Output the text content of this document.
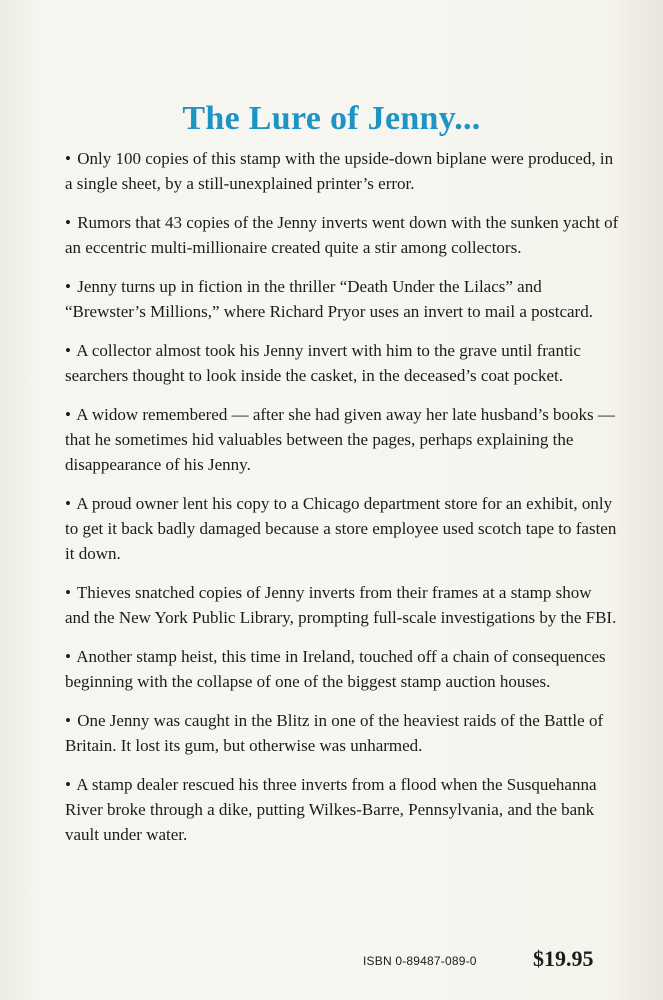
The Lure of Jenny...
• Only 100 copies of this stamp with the upside-down biplane were produced, in a single sheet, by a still-unexplained printer’s error.
• Rumors that 43 copies of the Jenny inverts went down with the sunken yacht of an eccentric multi-millionaire created quite a stir among collectors.
• Jenny turns up in fiction in the thriller “Death Under the Lilacs” and “Brewster’s Millions,” where Richard Pryor uses an invert to mail a postcard.
• A collector almost took his Jenny invert with him to the grave until frantic searchers thought to look inside the casket, in the deceased’s coat pocket.
• A widow remembered — after she had given away her late husband’s books — that he sometimes hid valuables between the pages, perhaps explaining the disappearance of his Jenny.
• A proud owner lent his copy to a Chicago department store for an exhibit, only to get it back badly damaged because a store employee used scotch tape to fasten it down.
• Thieves snatched copies of Jenny inverts from their frames at a stamp show and the New York Public Library, prompting full-scale investigations by the FBI.
• Another stamp heist, this time in Ireland, touched off a chain of consequences beginning with the collapse of one of the biggest stamp auction houses.
• One Jenny was caught in the Blitz in one of the heaviest raids of the Battle of Britain. It lost its gum, but otherwise was unharmed.
• A stamp dealer rescued his three inverts from a flood when the Susquehanna River broke through a dike, putting Wilkes-Barre, Pennsylvania, and the bank vault under water.
ISBN 0-89487-089-0	$19.95
